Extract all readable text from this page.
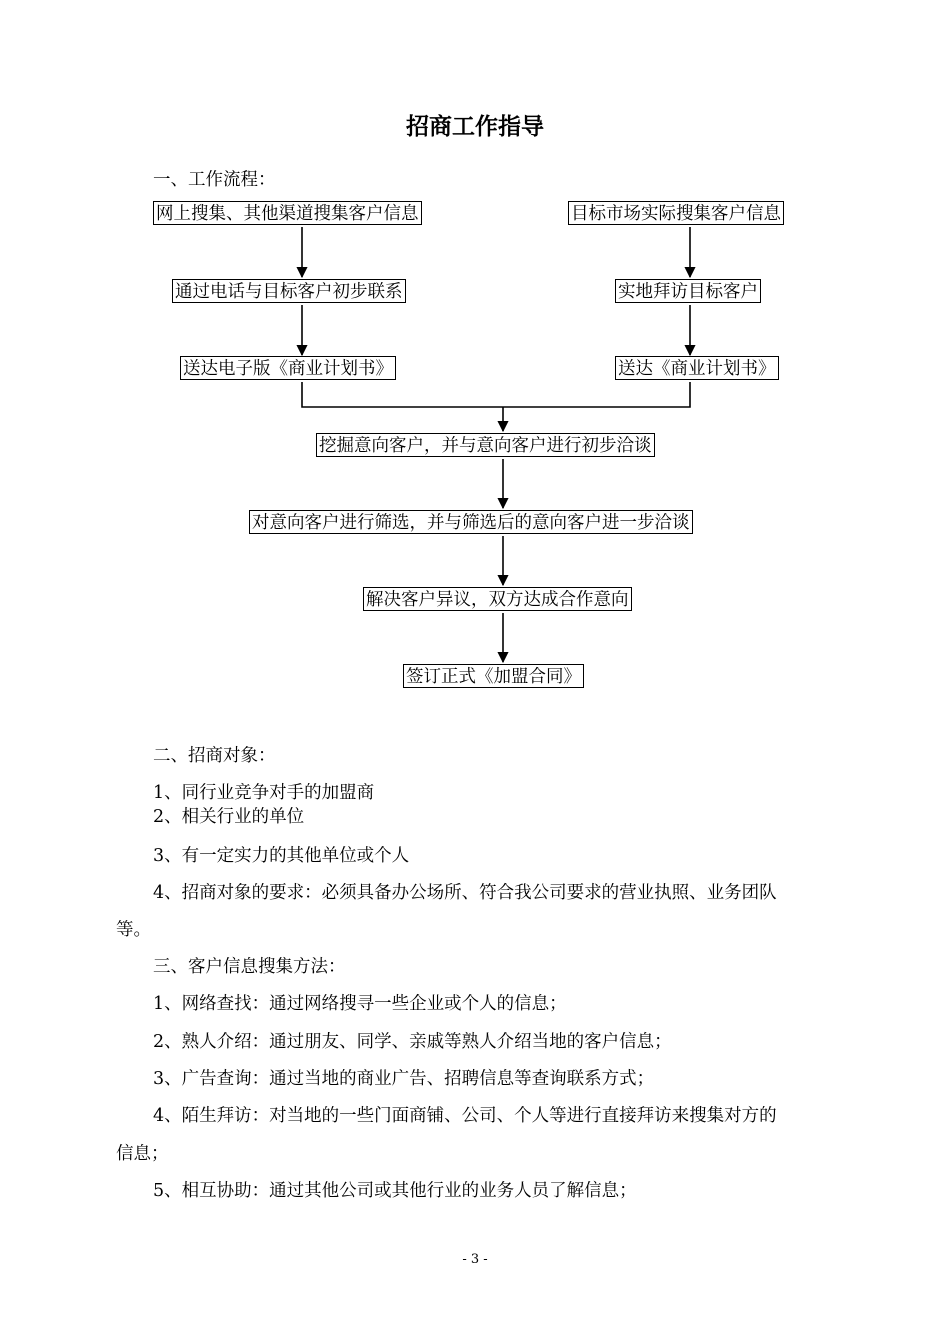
招商工作指导
一、工作流程：
网上搜集、其他渠道搜集客户信息
通过电话与目标客户初步联系
送达电子版《商业计划书》
目标市场实际搜集客户信息
实地拜访目标客户
送达《商业计划书》
挖掘意向客户，并与意向客户进行初步洽谈
对意向客户进行筛选，并与筛选后的意向客户进一步洽谈
解决客户异议，双方达成合作意向
签订正式《加盟合同》
二、招商对象：
1、同行业竞争对手的加盟商
2、相关行业的单位
3、有一定实力的其他单位或个人
4、招商对象的要求：必须具备办公场所、符合我公司要求的营业执照、业务团队
等。
三、客户信息搜集方法：
1、网络查找：通过网络搜寻一些企业或个人的信息；
2、熟人介绍：通过朋友、同学、亲戚等熟人介绍当地的客户信息；
3、广告查询：通过当地的商业广告、招聘信息等查询联系方式；
4、陌生拜访：对当地的一些门面商铺、公司、个人等进行直接拜访来搜集对方的
信息；
5、相互协助：通过其他公司或其他行业的业务人员了解信息；
- 3 -
